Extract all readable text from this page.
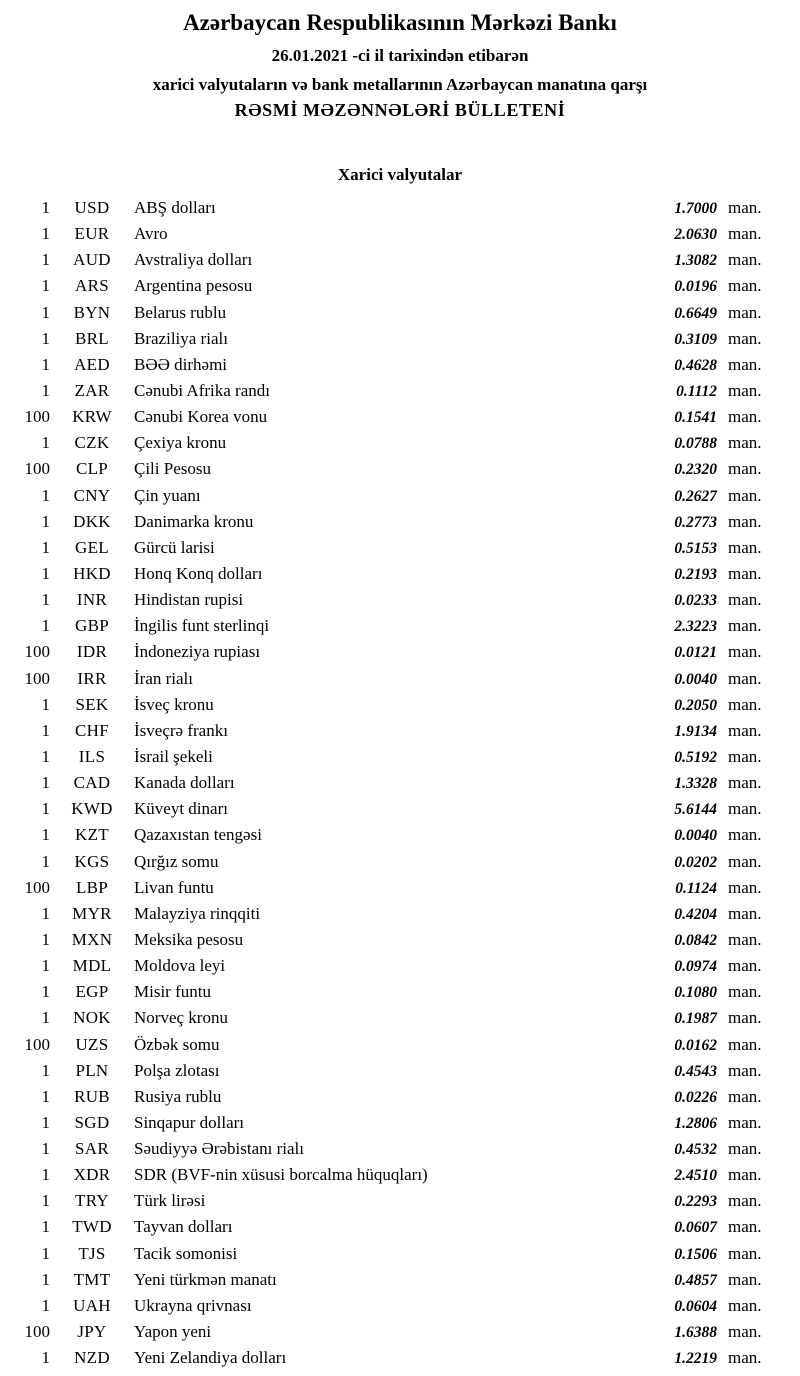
Azərbaycan Respublikasının Mərkəzi Bankı
26.01.2021 -ci il tarixindən etibarən
xarici valyutaların və bank metallarının Azərbaycan manatına qarşı
RƏSMİ MƏZƏNNƏLƏRİ BÜLLETENİ
Xarici valyutalar
1	USD	ABŞ dolları	1.7000 man.
1	EUR	Avro	2.0630 man.
1	AUD	Avstraliya dolları	1.3082 man.
1	ARS	Argentina pesosu	0.0196 man.
1	BYN	Belarus rublu	0.6649 man.
1	BRL	Braziliya rialı	0.3109 man.
1	AED	BƏƏ dirhəmi	0.4628 man.
1	ZAR	Cənubi Afrika randı	0.1112 man.
100	KRW	Cənubi Korea vonu	0.1541 man.
1	CZK	Çexiya kronu	0.0788 man.
100	CLP	Çili Pesosu	0.2320 man.
1	CNY	Çin yuanı	0.2627 man.
1	DKK	Danimarka kronu	0.2773 man.
1	GEL	Gürcü larisi	0.5153 man.
1	HKD	Honq Konq dolları	0.2193 man.
1	INR	Hindistan rupisi	0.0233 man.
1	GBP	İngilis funt sterlinqi	2.3223 man.
100	IDR	İndoneziya rupiası	0.0121 man.
100	IRR	İran rialı	0.0040 man.
1	SEK	İsveç kronu	0.2050 man.
1	CHF	İsveçrə frankı	1.9134 man.
1	ILS	İsrail şekeli	0.5192 man.
1	CAD	Kanada dolları	1.3328 man.
1	KWD	Küveyt dinarı	5.6144 man.
1	KZT	Qazaxıstan tengəsi	0.0040 man.
1	KGS	Qırğız somu	0.0202 man.
100	LBP	Livan funtu	0.1124 man.
1	MYR	Malayziya rinqqiti	0.4204 man.
1	MXN	Meksika pesosu	0.0842 man.
1	MDL	Moldova leyi	0.0974 man.
1	EGP	Misir funtu	0.1080 man.
1	NOK	Norveç kronu	0.1987 man.
100	UZS	Özbək somu	0.0162 man.
1	PLN	Polşa zlotası	0.4543 man.
1	RUB	Rusiya rublu	0.0226 man.
1	SGD	Sinqapur dolları	1.2806 man.
1	SAR	Səudiyyə Ərəbistanı rialı	0.4532 man.
1	XDR	SDR (BVF-nin xüsusi borcalma hüquqları)	2.4510 man.
1	TRY	Türk lirəsi	0.2293 man.
1	TWD	Tayvan dolları	0.0607 man.
1	TJS	Tacik somonisi	0.1506 man.
1	TMT	Yeni türkmən manatı	0.4857 man.
1	UAH	Ukrayna qrivnası	0.0604 man.
100	JPY	Yapon yeni	1.6388 man.
1	NZD	Yeni Zelandiya dolları	1.2219 man.
